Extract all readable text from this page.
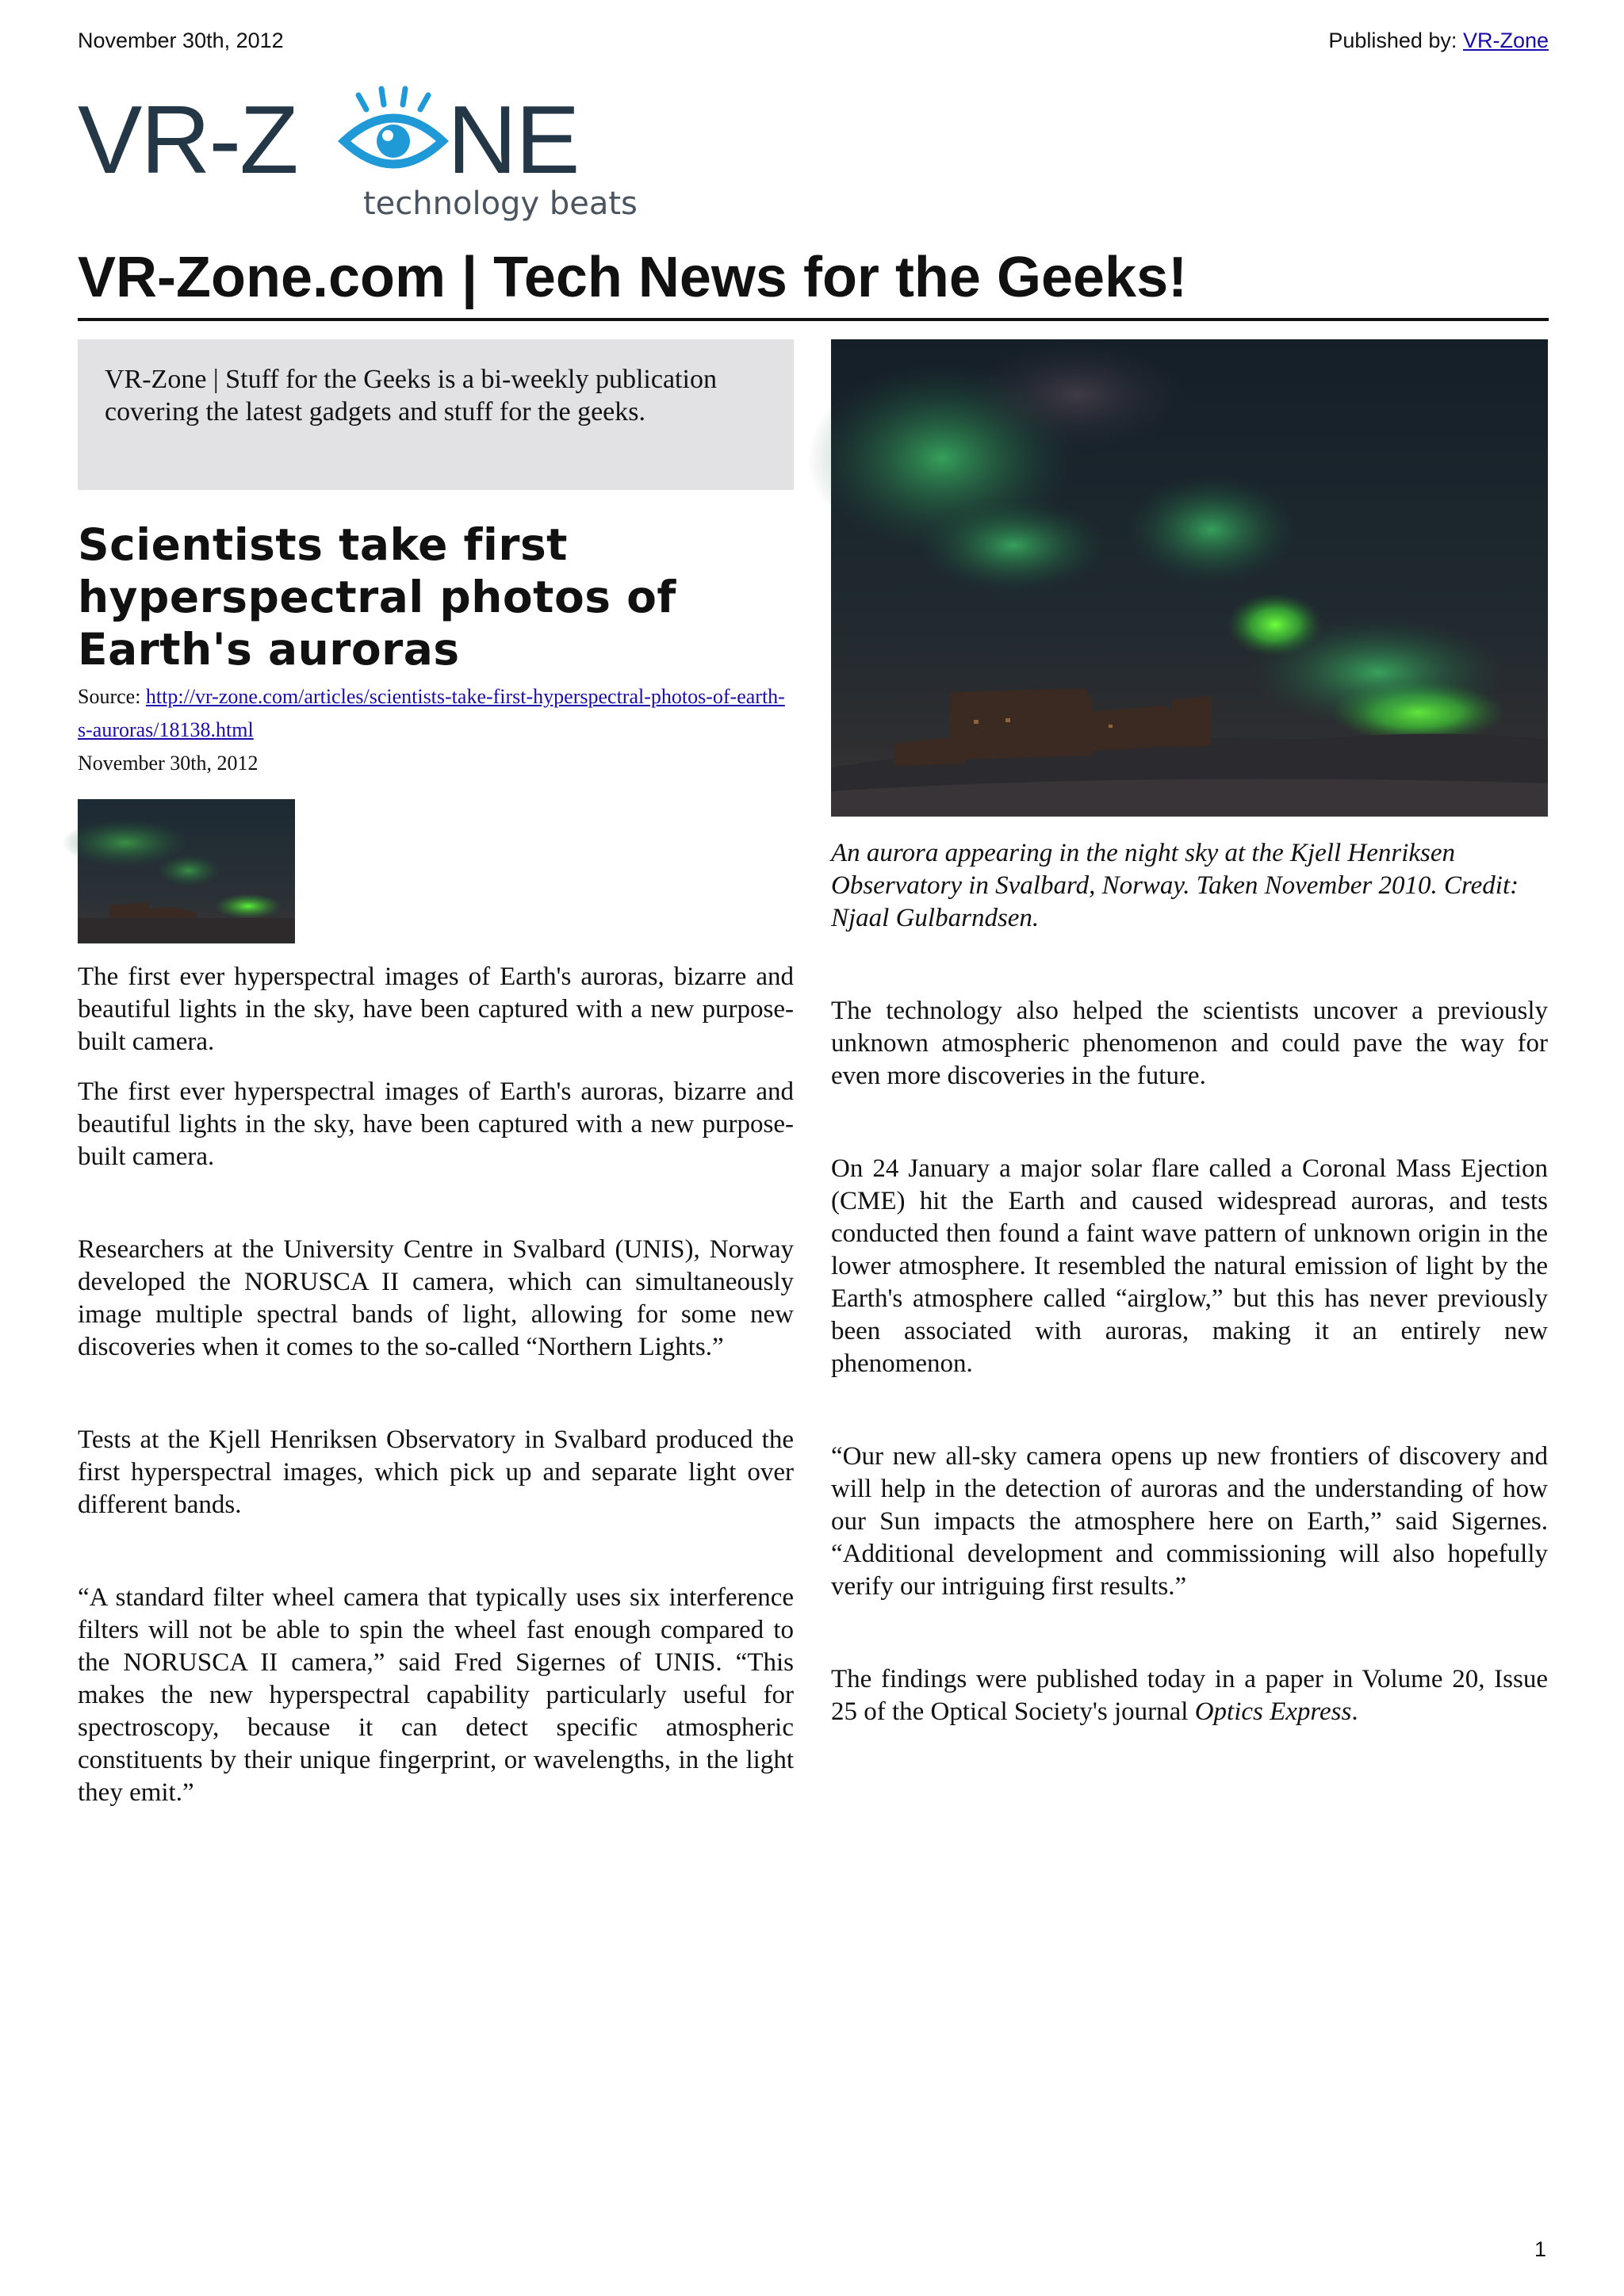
November 30th, 2012	Published by: VR-Zone
VR-Z NE
technology beats
VR-Zone.com | Tech News for the Geeks!
VR-Zone | Stuff for the Geeks is a bi-weekly publication covering the latest gadgets and stuff for the geeks.
Scientists take first hyperspectral photos of Earth's auroras
Source: http://vr-zone.com/articles/scientists-take-first-hyperspectral-photos-of-earth-s-auroras/18138.html
November 30th, 2012

The first ever hyperspectral images of Earth's auroras, bizarre and beautiful lights in the sky, have been captured with a new purpose-built camera.

The first ever hyperspectral images of Earth's auroras, bizarre and beautiful lights in the sky, have been captured with a new purpose-built camera.

Researchers at the University Centre in Svalbard (UNIS), Norway developed the NORUSCA II camera, which can simultaneously image multiple spectral bands of light, allowing for some new discoveries when it comes to the so-called “Northern Lights.”

Tests at the Kjell Henriksen Observatory in Svalbard produced the first hyperspectral images, which pick up and separate light over different bands.

“A standard filter wheel camera that typically uses six interference filters will not be able to spin the wheel fast enough compared to the NORUSCA II camera,” said Fred Sigernes of UNIS. “This makes the new hyperspectral capability particularly useful for spectroscopy, because it can detect specific atmospheric constituents by their unique fingerprint, or wavelengths, in the light they emit.”

An aurora appearing in the night sky at the Kjell Henriksen Observatory in Svalbard, Norway. Taken November 2010. Credit: Njaal Gulbarndsen.

The technology also helped the scientists uncover a previously unknown atmospheric phenomenon and could pave the way for even more discoveries in the future.

On 24 January a major solar flare called a Coronal Mass Ejection (CME) hit the Earth and caused widespread auroras, and tests conducted then found a faint wave pattern of unknown origin in the lower atmosphere. It resembled the natural emission of light by the Earth's atmosphere called “airglow,” but this has never previously been associated with auroras, making it an entirely new phenomenon.

“Our new all-sky camera opens up new frontiers of discovery and will help in the detection of auroras and the understanding of how our Sun impacts the atmosphere here on Earth,” said Sigernes. “Additional development and commissioning will also hopefully verify our intriguing first results.”

The findings were published today in a paper in Volume 20, Issue 25 of the Optical Society's journal Optics Express.

1
